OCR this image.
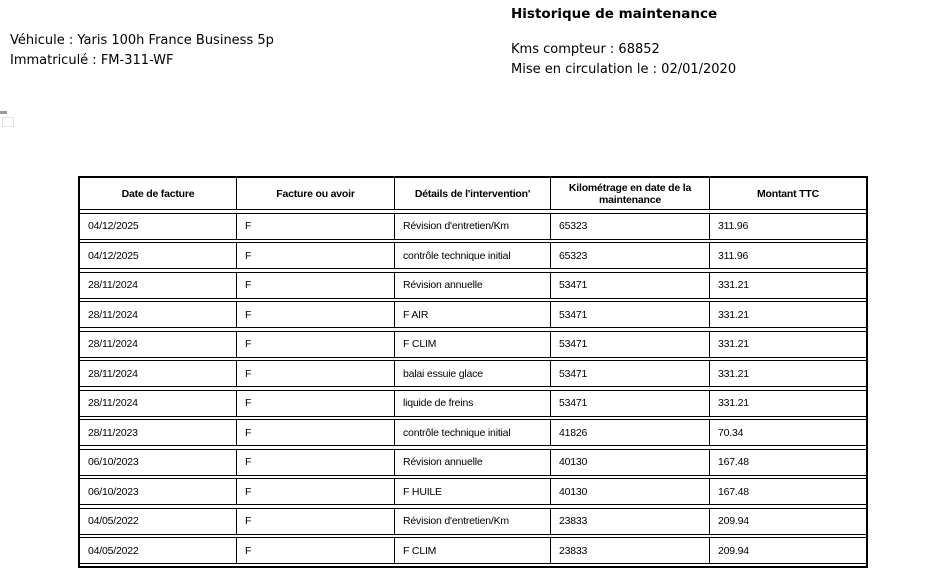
Véhicule : Yaris 100h France Business 5p
Immatriculé : FM-311-WF
Historique de maintenance
Kms compteur : 68852
Mise en circulation le : 02/01/2020
Date de facture	Facture ou avoir	Détails de l'intervention'	Kilométrage en date de la maintenance	Montant TTC
04/12/2025	F	Révision d'entretien/Km	65323	311.96
04/12/2025	F	contrôle technique initial	65323	311.96
28/11/2024	F	Révision annuelle	53471	331.21
28/11/2024	F	F AIR	53471	331.21
28/11/2024	F	F CLIM	53471	331.21
28/11/2024	F	balai essuie glace	53471	331.21
28/11/2024	F	liquide de freins	53471	331.21
28/11/2023	F	contrôle technique initial	41826	70.34
06/10/2023	F	Révision annuelle	40130	167.48
06/10/2023	F	F HUILE	40130	167.48
04/05/2022	F	Révision d'entretien/Km	23833	209.94
04/05/2022	F	F CLIM	23833	209.94
